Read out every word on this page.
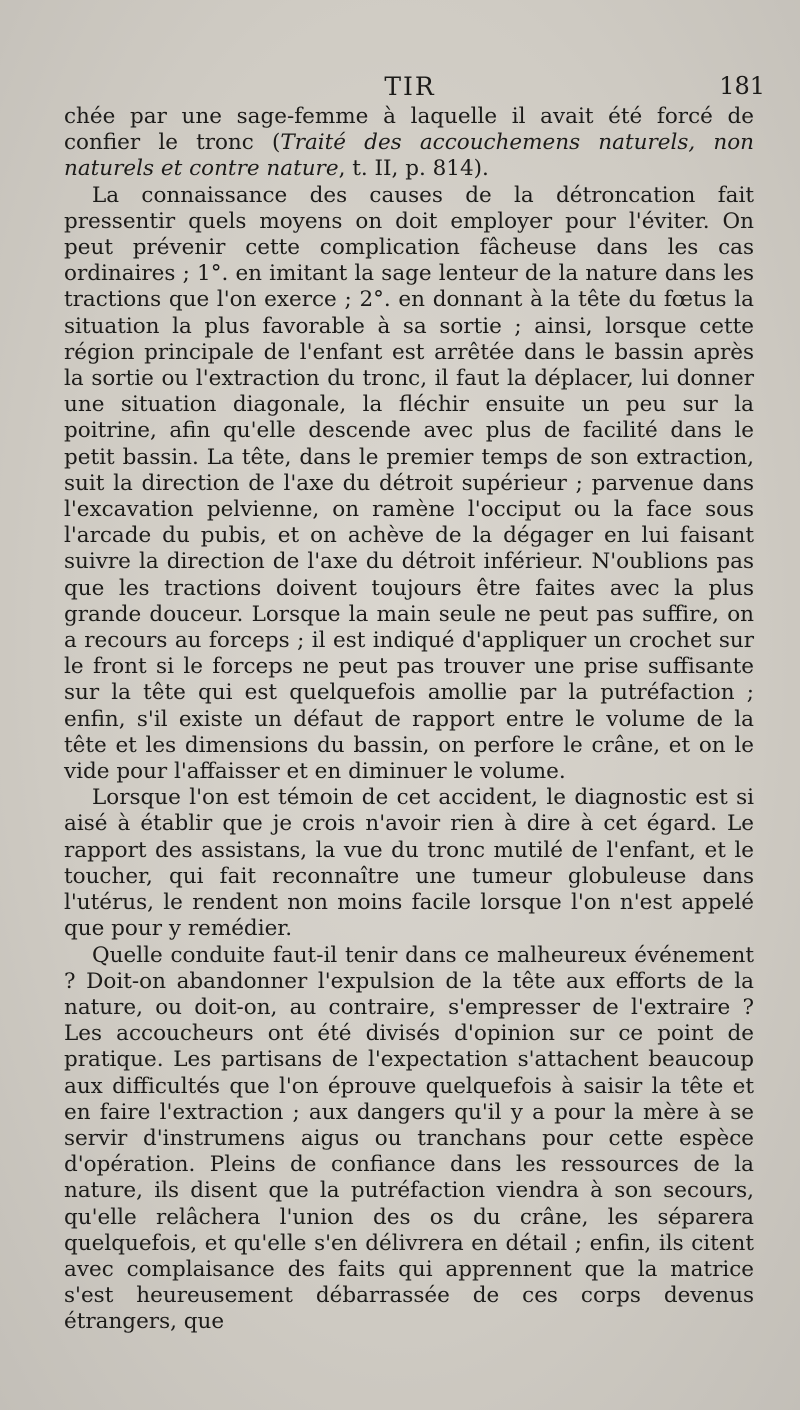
TIR	181

chée par une sage-femme à laquelle il avait été forcé de confier le tronc (Traité des accouchemens naturels, non naturels et contre nature, t. II, p. 814).

La connaissance des causes de la détroncation fait pressentir quels moyens on doit employer pour l'éviter. On peut prévenir cette complication fâcheuse dans les cas ordinaires ; 1°. en imitant la sage lenteur de la nature dans les tractions que l'on exerce ; 2°. en donnant à la tête du fœtus la situation la plus favorable à sa sortie ; ainsi, lorsque cette région principale de l'enfant est arrêtée dans le bassin après la sortie ou l'extraction du tronc, il faut la déplacer, lui donner une situation diagonale, la fléchir ensuite un peu sur la poitrine, afin qu'elle descende avec plus de facilité dans le petit bassin. La tête, dans le premier temps de son extraction, suit la direction de l'axe du détroit supérieur ; parvenue dans l'excavation pelvienne, on ramène l'occiput ou la face sous l'arcade du pubis, et on achève de la dégager en lui faisant suivre la direction de l'axe du détroit inférieur. N'oublions pas que les tractions doivent toujours être faites avec la plus grande douceur. Lorsque la main seule ne peut pas suffire, on a recours au forceps ; il est indiqué d'appliquer un crochet sur le front si le forceps ne peut pas trouver une prise suffisante sur la tête qui est quelquefois amollie par la putréfaction ; enfin, s'il existe un défaut de rapport entre le volume de la tête et les dimensions du bassin, on perfore le crâne, et on le vide pour l'affaisser et en diminuer le volume.

Lorsque l'on est témoin de cet accident, le diagnostic est si aisé à établir que je crois n'avoir rien à dire à cet égard. Le rapport des assistans, la vue du tronc mutilé de l'enfant, et le toucher, qui fait reconnaître une tumeur globuleuse dans l'utérus, le rendent non moins facile lorsque l'on n'est appelé que pour y remédier.

Quelle conduite faut-il tenir dans ce malheureux événement ? Doit-on abandonner l'expulsion de la tête aux efforts de la nature, ou doit-on, au contraire, s'empresser de l'extraire ? Les accoucheurs ont été divisés d'opinion sur ce point de pratique. Les partisans de l'expectation s'attachent beaucoup aux difficultés que l'on éprouve quelquefois à saisir la tête et en faire l'extraction ; aux dangers qu'il y a pour la mère à se servir d'instrumens aigus ou tranchans pour cette espèce d'opération. Pleins de confiance dans les ressources de la nature, ils disent que la putréfaction viendra à son secours, qu'elle relâchera l'union des os du crâne, les séparera quelquefois, et qu'elle s'en délivrera en détail ; enfin, ils citent avec complaisance des faits qui apprennent que la matrice s'est heureusement débarrassée de ces corps devenus étrangers, que
